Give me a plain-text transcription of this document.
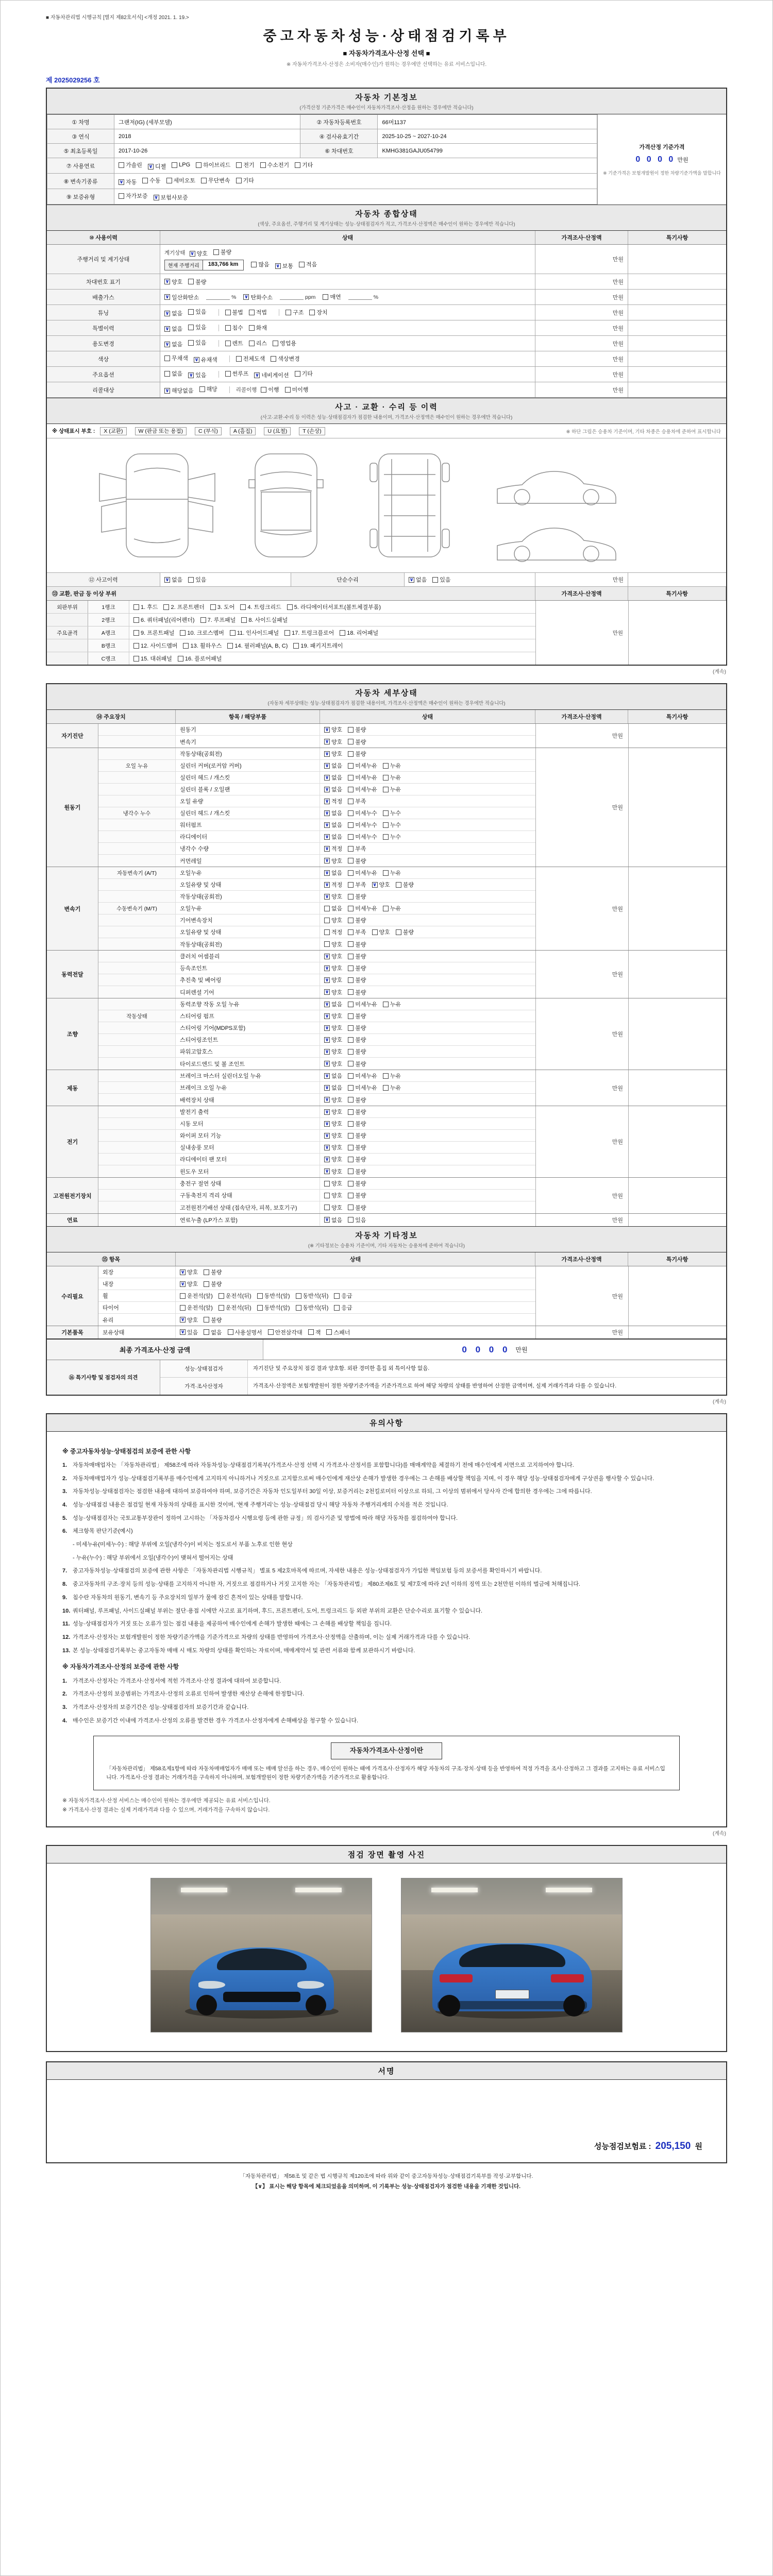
■ 자동차관리법 시행규칙 [별지 제82호서식] <개정 2021. 1. 19.>
중고자동차성능·상태점검기록부
■ 자동차가격조사·산정 선택 ■
※ 자동차가격조사·산정은 소비자(매수인)가 원하는 경우에만 선택하는 유료 서비스입니다.
제 2025029256 호
자동차 기본정보
(가격산정 기준가격은 매수인이 자동차가격조사·산정을 원하는 경우에만 적습니다)
① 차명	그랜저(IG) (세부모델)	② 자동차등록번호	66머1137
③ 연식	2018	④ 검사유효기간	2025-10-25 ~ 2027-10-24
⑤ 최초등록일	2017-10-26	⑥ 차대번호	KMHG381GAJU054799
⑦ 사용연료	가솔린 ∨ 디젤 LPG 하이브리드 전기 수소전기 기타

⑧ 변속기종류	∨ 자동 수동 세미오토 무단변속 기타

⑨ 보증유형	자가보증 ∨ 보험사보증		
가격산정 기준가격
0 0 0 0 만원
※ 기준가격은 보험개발원이 정한 차량기준가액을 말합니다
자동차 종합상태
(색상, 주요옵션, 주행거리 및 계기상태는 성능·상태점검자가 적고, 가격조사·산정액은 매수인이 원하는 경우에만 적습니다)
⑩ 사용이력	상태	가격조사·산정액	특기사항
주행거리 및 계기상태
계기상태 ∨ 양호 불량
현재 주행거리	183,766 km	많음 ∨ 보통 적음
만원
차대번호 표기	∨ 양호 불량	만원
배출가스	∨ 일산화탄소	% ∨ 탄화수소	ppm	매연	%	만원
튜닝	∨ 없음 있음	불법 적법	구조 장치	만원
특별이력	∨ 없음 있음	침수 화재	만원
용도변경	∨ 없음 있음	렌트 리스 영업용	만원
색상	무채색 ∨ 유채색	전체도색 색상변경	만원
주요옵션	없음 ∨ 있음	썬루프 ∨ 네비게이션 기타	만원
리콜대상	∨ 해당없음 해당	리콜이행 이행 미이행	만원
사고 · 교환 · 수리 등 이력
(사고·교환·수리 등 이력은 성능·상태점검자가 점검한 내용이며, 가격조사·산정액은 매수인이 원하는 경우에만 적습니다)
※ 상태표시 부호 :	X (교환)	W (판금 또는 용접)	C (부식)	A (흠집)	U (요철)	T (손상)	※ 하단 그림은 승용차 기준이며, 기타 차종은 승용차에 준하여 표시합니다
⑫ 사고이력	∨ 없음 있음	단순수리	∨ 없음 있음	만원
⑬ 교환, 판금 등 이상 부위	가격조사·산정액	특기사항
외판부위	1랭크	1. 후드 2. 프론트펜더 3. 도어 4. 트렁크리드 5. 라디에이터서포트(볼트체결부품)
2랭크	6. 쿼터패널(리어펜더) 7. 루프패널 8. 사이드실패널
주요골격	A랭크	9. 프론트패널 10. 크로스멤버 11. 인사이드패널 17. 트렁크플로어 18. 리어패널
B랭크	12. 사이드멤버 13. 휠하우스 14. 필러패널(A, B, C) 19. 패키지트레이
C랭크	15. 대쉬패널 16. 플로어패널
만원
(계속)
자동차 세부상태
(자동차 세부상태는 성능·상태점검자가 점검한 내용이며, 가격조사·산정액은 매수인이 원하는 경우에만 적습니다)
⑭ 주요장치	항목 / 해당부품	상태	가격조사·산정액	특기사항
자기진단
원동기	∨ 양호 불량
변속기	∨ 양호 불량
만원
원동기
작동상태(공회전)	∨ 양호 불량
오일 누유	실린더 커버(로커암 커버)	∨ 없음 미세누유 누유
실린더 헤드 / 개스킷	∨ 없음 미세누유 누유
실린더 블록 / 오일팬	∨ 없음 미세누유 누유
오일 유량	∨ 적정 부족
냉각수 누수	실린더 헤드 / 개스킷	∨ 없음 미세누수 누수
워터펌프	∨ 없음 미세누수 누수
라디에이터	∨ 없음 미세누수 누수
냉각수 수량	∨ 적정 부족
커먼레일	∨ 양호 불량
만원
변속기
자동변속기 (A/T)	오일누유	∨ 없음 미세누유 누유
오일유량 및 상태	∨ 적정 부족 ∨ 양호 불량
작동상태(공회전)	∨ 양호 불량
수동변속기 (M/T)	오일누유	없음 미세누유 누유
기어변속장치	양호 불량
오일유량 및 상태	적정 부족 양호 불량
작동상태(공회전)	양호 불량
만원
동력전달
클러치 어셈블리	∨ 양호 불량
등속조인트	∨ 양호 불량
추진축 및 베어링	∨ 양호 불량
디퍼렌셜 기어	∨ 양호 불량
만원
조향
동력조향 작동 오일 누유	∨ 없음 미세누유 누유
작동상태	스티어링 펌프	∨ 양호 불량
스티어링 기어(MDPS포함)	∨ 양호 불량
스티어링조인트	∨ 양호 불량
파워고압호스	∨ 양호 불량
타이로드엔드 및 볼 조인트	∨ 양호 불량
만원
제동
브레이크 마스터 실린더오일 누유	∨ 없음 미세누유 누유
브레이크 오일 누유	∨ 없음 미세누유 누유
배력장치 상태	∨ 양호 불량
만원
전기
발전기 출력	∨ 양호 불량
시동 모터	∨ 양호 불량
와이퍼 모터 기능	∨ 양호 불량
실내송풍 모터	∨ 양호 불량
라디에이터 팬 모터	∨ 양호 불량
윈도우 모터	∨ 양호 불량
만원
고전원전기장치
충전구 절연 상태	양호 불량
구동축전지 격리 상태	양호 불량
고전원전기배선 상태 (접속단자, 피복, 보호기구)	양호 불량
만원
연료	연료누출 (LP가스 포함)	∨ 없음 있음	만원
자동차 기타정보
(※ 기타정보는 승용차 기준이며, 기타 자동차는 승용차에 준하여 적습니다)
⑮ 항목	상태	가격조사·산정액	특기사항
수리필요
외장	∨ 양호 불량
내장	∨ 양호 불량
휠	운전석(앞) 운전석(뒤) 동반석(앞) 동반석(뒤) 응급
타이어	운전석(앞) 운전석(뒤) 동반석(앞) 동반석(뒤) 응급
유리	∨ 양호 불량
만원
기본품목	보유상태	∨ 있음 없음 사용설명서 안전삼각대 잭 스패너	만원
최종 가격조사·산정 금액	0 0 0 0 만원
⑯ 특기사항 및 점검자의 의견
성능·상태점검자	자기진단 및 주요장치 점검 결과 양호함. 외판 경미한 흠집 외 특이사항 없음.
가격·조사산정자	가격조사·산정액은 보험개발원이 정한 차량기준가액을 기준가격으로 하여 해당 차량의 상태를 반영하여 산정한 금액이며, 실제 거래가격과 다를 수 있습니다.
(계속)
유의사항
※ 중고자동차성능·상태점검의 보증에 관한 사항
1. 자동차매매업자는 「자동차관리법」 제58조에 따라 자동차성능·상태점검기록부(가격조사·산정 선택 시 가격조사·산정서를 포함합니다)를 매매계약을 체결하기 전에 매수인에게 서면으로 고지하여야 합니다.
2. 자동차매매업자가 성능·상태점검기록부를 매수인에게 고지하지 아니하거나 거짓으로 고지함으로써 매수인에게 재산상 손해가 발생한 경우에는 그 손해를 배상할 책임을 지며, 이 경우 해당 성능·상태점검자에게 구상권을 행사할 수 있습니다.
3. 자동차성능·상태점검자는 점검한 내용에 대하여 보증하여야 하며, 보증기간은 자동차 인도일부터 30일 이상, 보증거리는 2천킬로미터 이상으로 하되, 그 이상의 범위에서 당사자 간에 합의한 경우에는 그에 따릅니다.
4. 성능·상태점검 내용은 점검일 현재 자동차의 상태를 표시한 것이며, '현재 주행거리'는 성능·상태점검 당시 해당 자동차 주행거리계의 수치를 적은 것입니다.
5. 성능·상태점검자는 국토교통부장관이 정하여 고시하는 「자동차검사 시행요령 등에 관한 규정」의 검사기준 및 방법에 따라 해당 자동차를 점검하여야 합니다.
6. 체크항목 판단기준(예시)
- 미세누유(미세누수) : 해당 부위에 오일(냉각수)이 비치는 정도로서 부품 노후로 인한 현상
- 누유(누수) : 해당 부위에서 오일(냉각수)이 맺혀서 떨어지는 상태
7. 중고자동차성능·상태점검의 보증에 관한 사항은 「자동차관리법 시행규칙」 별표 5 제2호마목에 따르며, 자세한 내용은 성능·상태점검자가 가입한 책임보험 등의 보증서를 확인하시기 바랍니다.
8. 중고자동차의 구조·장치 등의 성능·상태를 고지하지 아니한 자, 거짓으로 점검하거나 거짓 고지한 자는 「자동차관리법」 제80조제6호 및 제7호에 따라 2년 이하의 징역 또는 2천만원 이하의 벌금에 처해집니다.
9. 침수란 자동차의 원동기, 변속기 등 주요장치의 일부가 물에 잠긴 흔적이 있는 상태를 말합니다.
10. 쿼터패널, 루프패널, 사이드실패널 부위는 절단·용접 시에만 사고로 표기하며, 후드, 프론트펜더, 도어, 트렁크리드 등 외판 부위의 교환은 단순수리로 표기할 수 있습니다.
11. 성능·상태점검자가 거짓 또는 오류가 있는 점검 내용을 제공하여 매수인에게 손해가 발생한 때에는 그 손해를 배상할 책임을 집니다.
12. 가격조사·산정자는 보험개발원이 정한 차량기준가액을 기준가격으로 차량의 상태를 반영하여 가격조사·산정액을 산출하며, 이는 실제 거래가격과 다를 수 있습니다.
13. 본 성능·상태점검기록부는 중고자동차 매매 시 매도 차량의 상태를 확인하는 자료이며, 매매계약서 및 관련 서류와 함께 보관하시기 바랍니다.
※ 자동차가격조사·산정의 보증에 관한 사항
1. 가격조사·산정자는 가격조사·산정서에 적힌 가격조사·산정 결과에 대하여 보증합니다.
2. 가격조사·산정의 보증범위는 가격조사·산정의 오류로 인하여 발생한 재산상 손해에 한정합니다.
3. 가격조사·산정자의 보증기간은 성능·상태점검자의 보증기간과 같습니다.
4. 매수인은 보증기간 이내에 가격조사·산정의 오류를 발견한 경우 가격조사·산정자에게 손해배상을 청구할 수 있습니다.
자동차가격조사·산정이란
「자동차관리법」 제58조제1항에 따라 자동차매매업자가 매매 또는 매매 알선을 하는 경우, 매수인이 원하는 때에 가격조사·산정자가 해당 자동차의 구조·장치·상태 등을 반영하여 적정 가격을 조사·산정하고 그 결과를 고지하는 유료 서비스입니다. 가격조사·산정 결과는 거래가격을 구속하지 아니하며, 보험개발원이 정한 차량기준가액을 기준가격으로 활용합니다.
※ 자동차가격조사·산정 서비스는 매수인이 원하는 경우에만 제공되는 유료 서비스입니다.
※ 가격조사·산정 결과는 실제 거래가격과 다를 수 있으며, 거래가격을 구속하지 않습니다.
(계속)
점검 장면 촬영 사진
서명
성능점검보험료 : 205,150 원
「자동차관리법」 제58조 및 같은 법 시행규칙 제120조에 따라 위와 같이 중고자동차성능·상태점검기록부를 작성·교부합니다.
【∨】 표시는 해당 항목에 체크되었음을 의미하며, 이 기록부는 성능·상태점검자가 점검한 내용을 기재한 것입니다.
